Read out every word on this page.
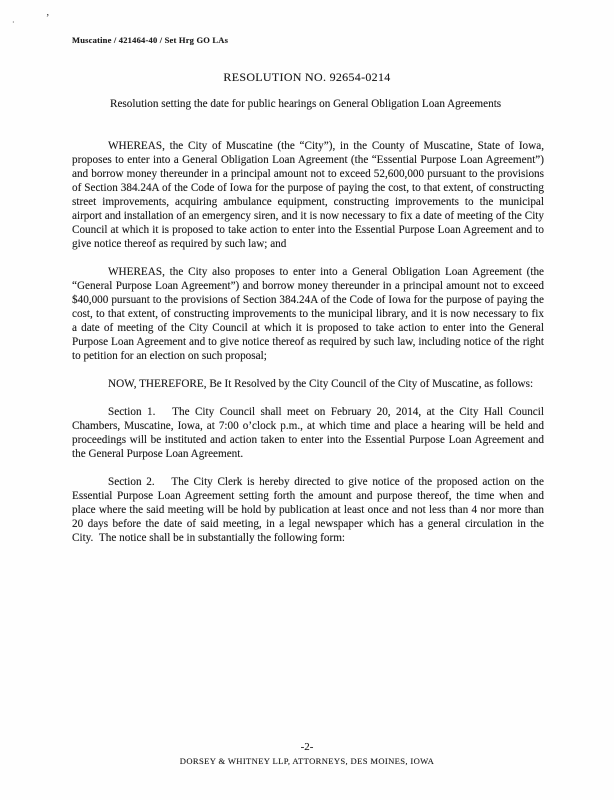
·	’
Muscatine / 421464-40 / Set Hrg GO LAs
RESOLUTION NO. 92654-0214
Resolution setting the date for public hearings on General Obligation Loan Agreements

WHEREAS, the City of Muscatine (the “City”), in the County of Muscatine, State of Iowa, proposes to enter into a General Obligation Loan Agreement (the “Essential Purpose Loan Agreement”) and borrow money thereunder in a principal amount not to exceed 52,600,000 pursuant to the provisions of Section 384.24A of the Code of Iowa for the purpose of paying the cost, to that extent, of constructing street improvements, acquiring ambulance equipment, constructing improvements to the municipal airport and installation of an emergency siren, and it is now necessary to fix a date of meeting of the City Council at which it is proposed to take action to enter into the Essential Purpose Loan Agreement and to give notice thereof as required by such law; and

WHEREAS, the City also proposes to enter into a General Obligation Loan Agreement (the “General Purpose Loan Agreement”) and borrow money thereunder in a principal amount not to exceed $40,000 pursuant to the provisions of Section 384.24A of the Code of Iowa for the purpose of paying the cost, to that extent, of constructing improvements to the municipal library, and it is now necessary to fix a date of meeting of the City Council at which it is proposed to take action to enter into the General Purpose Loan Agreement and to give notice thereof as required by such law, including notice of the right to petition for an election on such proposal;

NOW, THEREFORE, Be It Resolved by the City Council of the City of Muscatine, as follows:

Section 1.  The City Council shall meet on February 20, 2014, at the City Hall Council Chambers, Muscatine, Iowa, at 7:00 o’clock p.m., at which time and place a hearing will be held and proceedings will be instituted and action taken to enter into the Essential Purpose Loan Agreement and the General Purpose Loan Agreement.

Section 2.  The City Clerk is hereby directed to give notice of the proposed action on the Essential Purpose Loan Agreement setting forth the amount and purpose thereof, the time when and place where the said meeting will be hold by publication at least once and not less than 4 nor more than 20 days before the date of said meeting, in a legal newspaper which has a general circulation in the City. The notice shall be in substantially the following form:

-2-
DORSEY & WHITNEY LLP, ATTORNEYS, DES MOINES, IOWA
